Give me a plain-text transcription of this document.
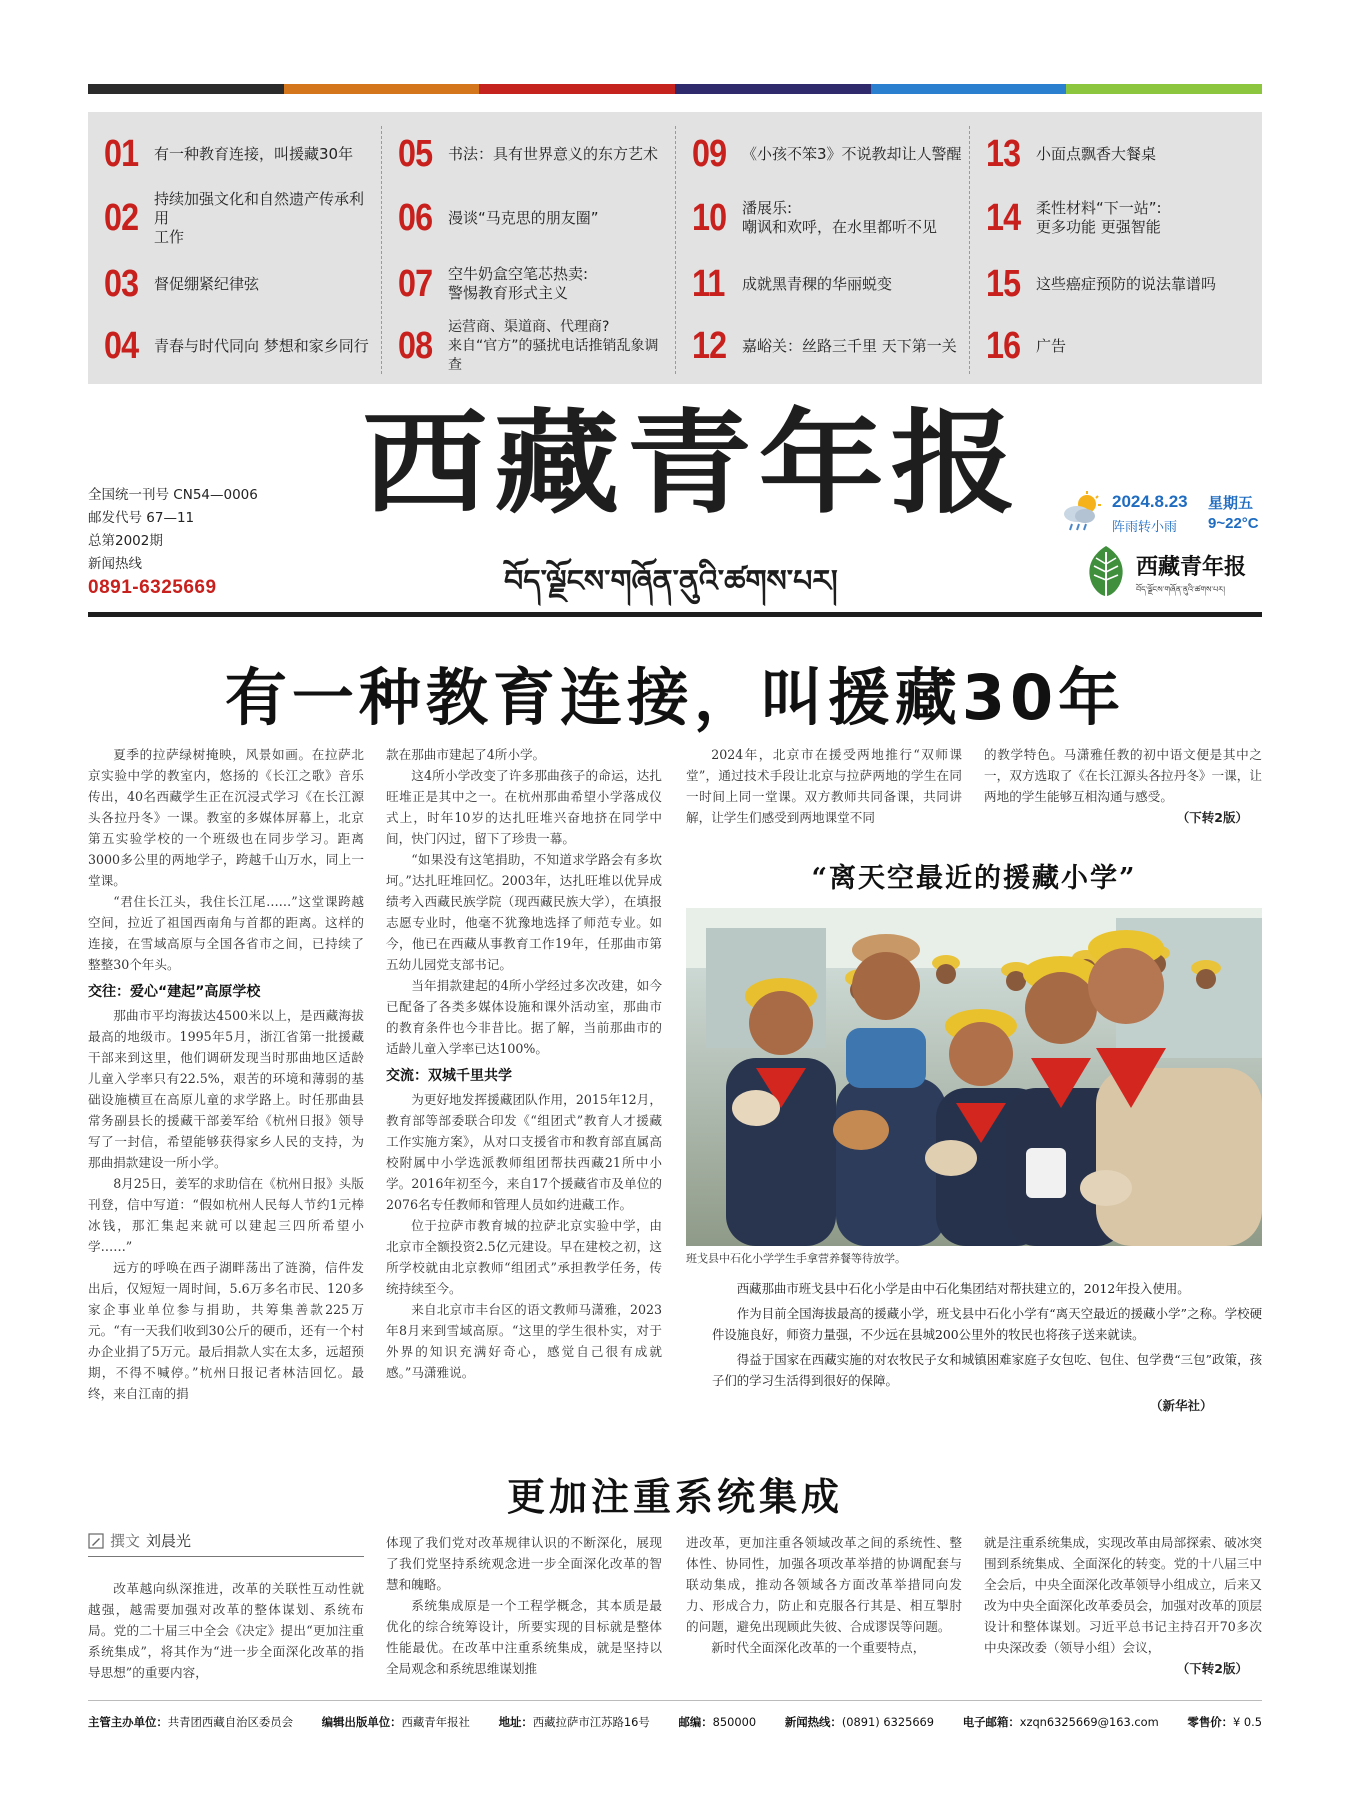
01	有一种教育连接，叫援藏30年
02	持续加强文化和自然遗产传承利用
工作
03	督促绷紧纪律弦
04	青春与时代同向 梦想和家乡同行
05	书法：具有世界意义的东方艺术
06	漫谈“马克思的朋友圈”
07	空牛奶盒空笔芯热卖:
警惕教育形式主义
08	运营商、渠道商、代理商?
来自“官方”的骚扰电话推销乱象调查
09	《小孩不笨3》不说教却让人警醒
10	潘展乐:
嘲讽和欢呼，在水里都听不见
11	成就黑青稞的华丽蜕变
12	嘉峪关：丝路三千里 天下第一关
13	小面点飘香大餐桌
14	柔性材料“下一站”:
更多功能 更强智能
15	这些癌症预防的说法靠谱吗
16	广告
全国统一刊号 CN54—0006
邮发代号 67—11
总第2002期
新闻热线
0891-6325669
西藏青年报
བོད་ལྗོངས་གཞོན་ནུའི་ཚགས་པར།
2024.8.23 星期五
阵雨转小雨 9~22°C
西藏青年报
བོད་ལྗོངས་གཞོན་ནུའི་ཚགས་པར།
有一种教育连接，叫援藏30年

夏季的拉萨绿树掩映，风景如画。在拉萨北京实验中学的教室内，悠扬的《长江之歌》音乐传出，40名西藏学生正在沉浸式学习《在长江源头各拉丹冬》一课。教室的多媒体屏幕上，北京第五实验学校的一个班级也在同步学习。距离3000多公里的两地学子，跨越千山万水，同上一堂课。

“君住长江头，我住长江尾……”这堂课跨越空间，拉近了祖国西南角与首都的距离。这样的连接，在雪域高原与全国各省市之间，已持续了整整30个年头。

交往：爱心“建起”高原学校

那曲市平均海拔达4500米以上，是西藏海拔最高的地级市。1995年5月，浙江省第一批援藏干部来到这里，他们调研发现当时那曲地区适龄儿童入学率只有22.5%，艰苦的环境和薄弱的基础设施横亘在高原儿童的求学路上。时任那曲县常务副县长的援藏干部姜军给《杭州日报》领导写了一封信，希望能够获得家乡人民的支持，为那曲捐款建设一所小学。

8月25日，姜军的求助信在《杭州日报》头版刊登，信中写道：“假如杭州人民每人节约1元棒冰钱，那汇集起来就可以建起三四所希望小学……”

远方的呼唤在西子湖畔荡出了涟漪，信件发出后，仅短短一周时间，5.6万多名市民、120多家企事业单位参与捐助，共筹集善款225万元。“有一天我们收到30公斤的硬币，还有一个村办企业捐了5万元。最后捐款人实在太多，远超预期，不得不喊停。”杭州日报记者林洁回忆。最终，来自江南的捐

款在那曲市建起了4所小学。

这4所小学改变了许多那曲孩子的命运，达扎旺堆正是其中之一。在杭州那曲希望小学落成仪式上，时年10岁的达扎旺堆兴奋地挤在同学中间，快门闪过，留下了珍贵一幕。

“如果没有这笔捐助，不知道求学路会有多坎坷。”达扎旺堆回忆。2003年，达扎旺堆以优异成绩考入西藏民族学院（现西藏民族大学），在填报志愿专业时，他毫不犹豫地选择了师范专业。如今，他已在西藏从事教育工作19年，任那曲市第五幼儿园党支部书记。

当年捐款建起的4所小学经过多次改建，如今已配备了各类多媒体设施和课外活动室，那曲市的教育条件也今非昔比。据了解，当前那曲市的适龄儿童入学率已达100%。

交流：双城千里共学

为更好地发挥援藏团队作用，2015年12月，教育部等部委联合印发《“组团式”教育人才援藏工作实施方案》，从对口支援省市和教育部直属高校附属中小学选派教师组团帮扶西藏21所中小学。2016年初至今，来自17个援藏省市及单位的2076名专任教师和管理人员如约进藏工作。

位于拉萨市教育城的拉萨北京实验中学，由北京市全额投资2.5亿元建设。早在建校之初，这所学校就由北京教师“组团式”承担教学任务，传统持续至今。

来自北京市丰台区的语文教师马潇雅，2023年8月来到雪域高原。“这里的学生很朴实，对于外界的知识充满好奇心，感觉自己很有成就感。”马潇雅说。

2024年，北京市在援受两地推行“双师课堂”，通过技术手段让北京与拉萨两地的学生在同一时间上同一堂课。双方教师共同备课，共同讲解，让学生们感受到两地课堂不同

的教学特色。马潇雅任教的初中语文便是其中之一，双方选取了《在长江源头各拉丹冬》一课，让两地的学生能够互相沟通与感受。

（下转2版）
“离天空最近的援藏小学”
班戈县中石化小学学生手拿营养餐等待放学。

西藏那曲市班戈县中石化小学是由中石化集团结对帮扶建立的，2012年投入使用。

作为目前全国海拔最高的援藏小学，班戈县中石化小学有“离天空最近的援藏小学”之称。学校硬件设施良好，师资力量强，不少远在县城200公里外的牧民也将孩子送来就读。

得益于国家在西藏实施的对农牧民子女和城镇困难家庭子女包吃、包住、包学费“三包”政策，孩子们的学习生活得到很好的保障。

（新华社）
更加注重系统集成
撰文 刘晨光

改革越向纵深推进，改革的关联性互动性就越强，越需要加强对改革的整体谋划、系统布局。党的二十届三中全会《决定》提出“更加注重系统集成”，将其作为“进一步全面深化改革的指导思想”的重要内容，

体现了我们党对改革规律认识的不断深化，展现了我们党坚持系统观念进一步全面深化改革的智慧和魄略。

系统集成原是一个工程学概念，其本质是最优化的综合统筹设计，所要实现的目标就是整体性能最优。在改革中注重系统集成，就是坚持以全局观念和系统思维谋划推

进改革，更加注重各领域改革之间的系统性、整体性、协同性，加强各项改革举措的协调配套与联动集成，推动各领域各方面改革举措同向发力、形成合力，防止和克服各行其是、相互掣肘的问题，避免出现顾此失彼、合成谬误等问题。

新时代全面深化改革的一个重要特点，

就是注重系统集成，实现改革由局部探索、破冰突围到系统集成、全面深化的转变。党的十八届三中全会后，中央全面深化改革领导小组成立，后来又改为中央全面深化改革委员会，加强对改革的顶层设计和整体谋划。习近平总书记主持召开70多次中央深改委（领导小组）会议，

（下转2版）
主管主办单位：共青团西藏自治区委员会	编辑出版单位：西藏青年报社	地址：西藏拉萨市江苏路16号	邮编：850000	新闻热线：(0891) 6325669	电子邮箱：xzqn6325669@163.com	零售价：¥ 0.5
